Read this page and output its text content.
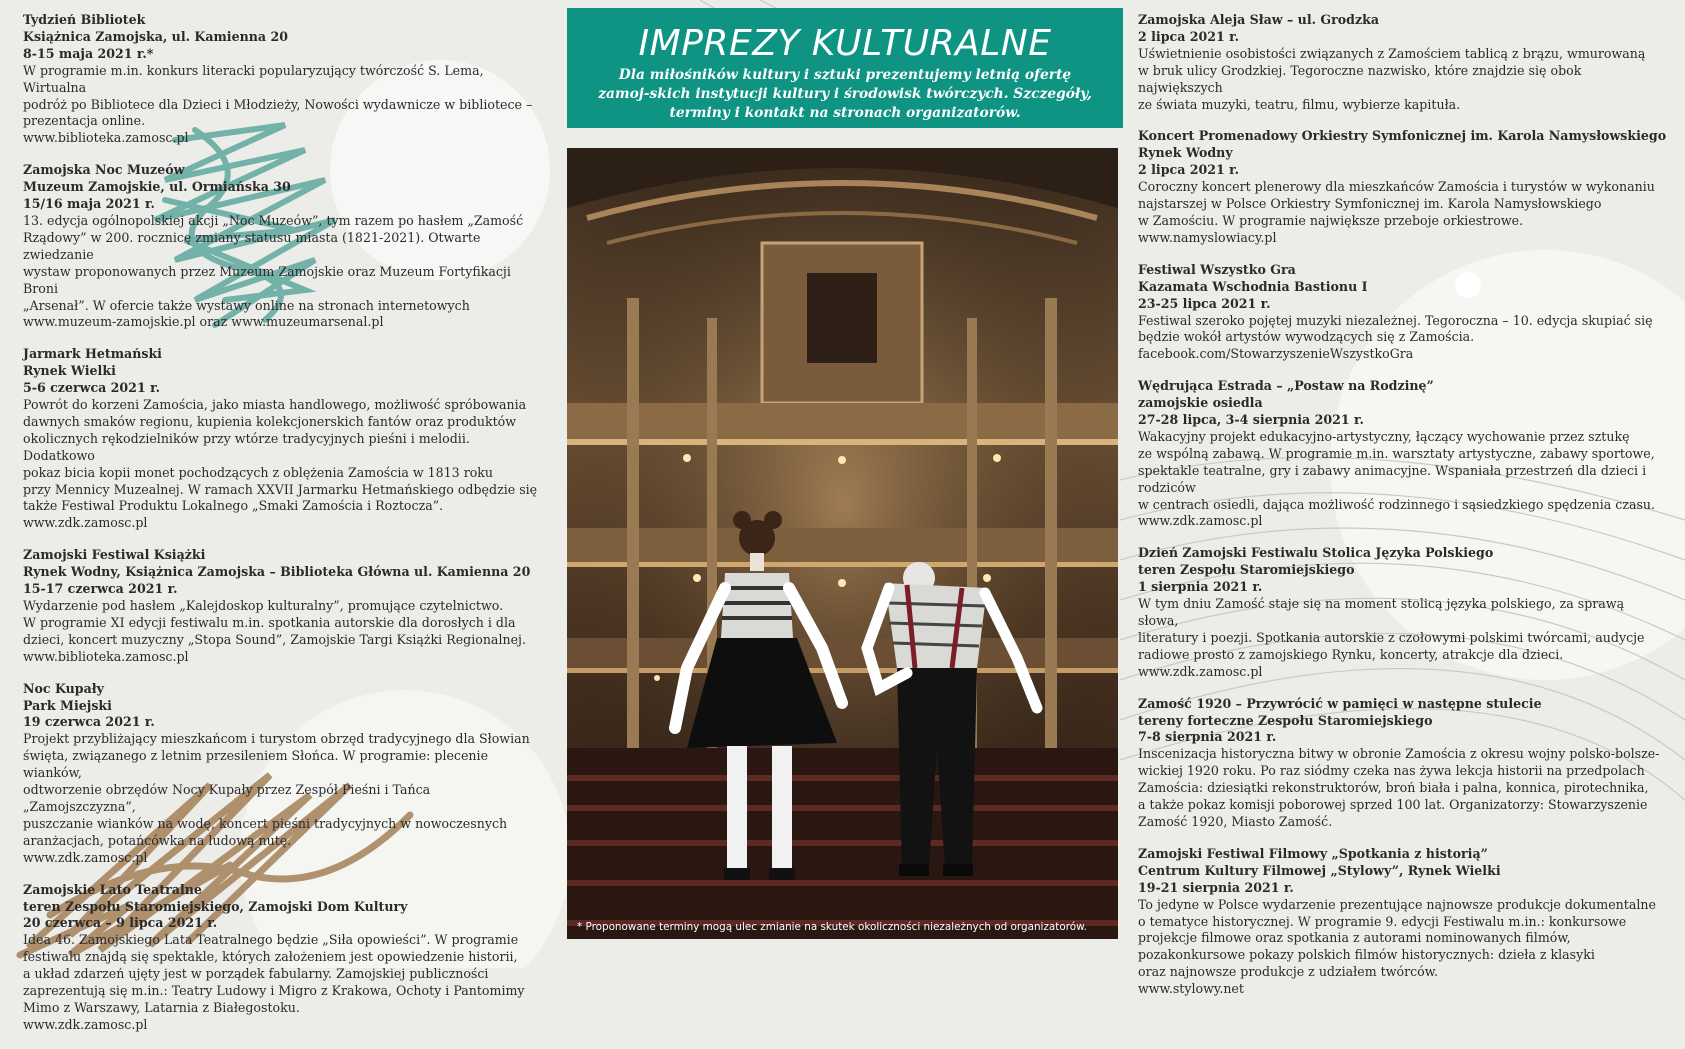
Tydzień Bibliotek
Książnica Zamojska, ul. Kamienna 20
8-15 maja 2021 r.*
W programie m.in. konkurs literacki popularyzujący twórczość S. Lema, Wirtualna
podróż po Bibliotece dla Dzieci i Młodzieży, Nowości wydawnicze w bibliotece –
prezentacja online.
www.biblioteka.zamosc.pl
Zamojska Noc Muzeów
Muzeum Zamojskie, ul. Ormiańska 30
15/16 maja 2021 r.
13. edycja ogólnopolskiej akcji „Noc Muzeów”, tym razem po hasłem „Zamość
Rządowy” w 200. rocznicę zmiany statusu miasta (1821-2021). Otwarte zwiedzanie
wystaw proponowanych przez Muzeum Zamojskie oraz Muzeum Fortyfikacji Broni
„Arsenał”. W ofercie także wystawy online na stronach internetowych
www.muzeum-zamojskie.pl oraz www.muzeumarsenal.pl
Jarmark Hetmański
Rynek Wielki
5-6 czerwca 2021 r.
Powrót do korzeni Zamościa, jako miasta handlowego, możliwość spróbowania
dawnych smaków regionu, kupienia kolekcjonerskich fantów oraz produktów
okolicznych rękodzielników przy wtórze tradycyjnych pieśni i melodii. Dodatkowo
pokaz bicia kopii monet pochodzących z oblężenia Zamościa w 1813 roku
przy Mennicy Muzealnej. W ramach XXVII Jarmarku Hetmańskiego odbędzie się
także Festiwal Produktu Lokalnego „Smaki Zamościa i Roztocza”.
www.zdk.zamosc.pl
Zamojski Festiwal Książki
Rynek Wodny, Książnica Zamojska – Biblioteka Główna ul. Kamienna 20
15-17 czerwca 2021 r.
Wydarzenie pod hasłem „Kalejdoskop kulturalny”, promujące czytelnictwo.
W programie XI edycji festiwalu m.in. spotkania autorskie dla dorosłych i dla
dzieci, koncert muzyczny „Stopa Sound”, Zamojskie Targi Książki Regionalnej.
www.biblioteka.zamosc.pl
Noc Kupały
Park Miejski
19 czerwca 2021 r.
Projekt przybliżający mieszkańcom i turystom obrzęd tradycyjnego dla Słowian
święta, związanego z letnim przesileniem Słońca. W programie: plecenie wianków,
odtworzenie obrzędów Nocy Kupały przez Zespół Pieśni i Tańca „Zamojszczyzna”,
puszczanie wianków na wodę, koncert pieśni tradycyjnych w nowoczesnych
aranżacjach, potańcówka na ludową nutę.
www.zdk.zamosc.pl
Zamojskie Lato Teatralne
teren Zespołu Staromiejskiego, Zamojski Dom Kultury
20 czerwca – 9 lipca 2021 r.
Idea 46. Zamojskiego Lata Teatralnego będzie „Siła opowieści”. W programie
festiwalu znajdą się spektakle, których założeniem jest opowiedzenie historii,
a układ zdarzeń ujęty jest w porządek fabularny. Zamojskiej publiczności
zaprezentują się m.in.: Teatry Ludowy i Migro z Krakowa, Ochoty i Pantomimy
Mimo z Warszawy, Latarnia z Białegostoku.
www.zdk.zamosc.pl
IMPREZY KULTURALNE
Dla miłośników kultury i sztuki prezentujemy letnią ofertę zamoj-skich instytucji kultury i środowisk twórczych. Szczegóły, terminy i kontakt na stronach organizatorów.
* Proponowane terminy mogą ulec zmianie na skutek okoliczności niezależnych od organizatorów.
Zamojska Aleja Sław – ul. Grodzka
2 lipca 2021 r.
Uświetnienie osobistości związanych z Zamościem tablicą z brązu, wmurowaną
w bruk ulicy Grodzkiej. Tegoroczne nazwisko, które znajdzie się obok największych
ze świata muzyki, teatru, filmu, wybierze kapituła.
Koncert Promenadowy Orkiestry Symfonicznej im. Karola Namysłowskiego
Rynek Wodny
2 lipca 2021 r.
Coroczny koncert plenerowy dla mieszkańców Zamościa i turystów w wykonaniu
najstarszej w Polsce Orkiestry Symfonicznej im. Karola Namysłowskiego
w Zamościu. W programie największe przeboje orkiestrowe.
www.namyslowiacy.pl
Festiwal Wszystko Gra
Kazamata Wschodnia Bastionu I
23-25 lipca 2021 r.
Festiwal szeroko pojętej muzyki niezależnej. Tegoroczna – 10. edycja skupiać się
będzie wokół artystów wywodzących się z Zamościa.
facebook.com/StowarzyszenieWszystkoGra
Wędrująca Estrada – „Postaw na Rodzinę”
zamojskie osiedla
27-28 lipca, 3-4 sierpnia 2021 r.
Wakacyjny projekt edukacyjno-artystyczny, łączący wychowanie przez sztukę
ze wspólną zabawą. W programie m.in. warsztaty artystyczne, zabawy sportowe,
spektakle teatralne, gry i zabawy animacyjne. Wspaniała przestrzeń dla dzieci i rodziców
w centrach osiedli, dająca możliwość rodzinnego i sąsiedzkiego spędzenia czasu.
www.zdk.zamosc.pl
Dzień Zamojski Festiwalu Stolica Języka Polskiego
teren Zespołu Staromiejskiego
1 sierpnia 2021 r.
W tym dniu Zamość staje się na moment stolicą języka polskiego, za sprawą słowa,
literatury i poezji. Spotkania autorskie z czołowymi polskimi twórcami, audycje
radiowe prosto z zamojskiego Rynku, koncerty, atrakcje dla dzieci.
www.zdk.zamosc.pl
Zamość 1920 – Przywrócić w pamięci w następne stulecie
tereny forteczne Zespołu Staromiejskiego
7-8 sierpnia 2021 r.
Inscenizacja historyczna bitwy w obronie Zamościa z okresu wojny polsko-bolsze-
wickiej 1920 roku. Po raz siódmy czeka nas żywa lekcja historii na przedpolach
Zamościa: dziesiątki rekonstruktorów, broń biała i palna, konnica, pirotechnika,
a także pokaz komisji poborowej sprzed 100 lat. Organizatorzy: Stowarzyszenie
Zamość 1920, Miasto Zamość.
Zamojski Festiwal Filmowy „Spotkania z historią”
Centrum Kultury Filmowej „Stylowy”, Rynek Wielki
19-21 sierpnia 2021 r.
To jedyne w Polsce wydarzenie prezentujące najnowsze produkcje dokumentalne
o tematyce historycznej. W programie 9. edycji Festiwalu m.in.: konkursowe
projekcje filmowe oraz spotkania z autorami nominowanych filmów,
pozakonkursowe pokazy polskich filmów historycznych: dzieła z klasyki
oraz najnowsze produkcje z udziałem twórców.
www.stylowy.net
